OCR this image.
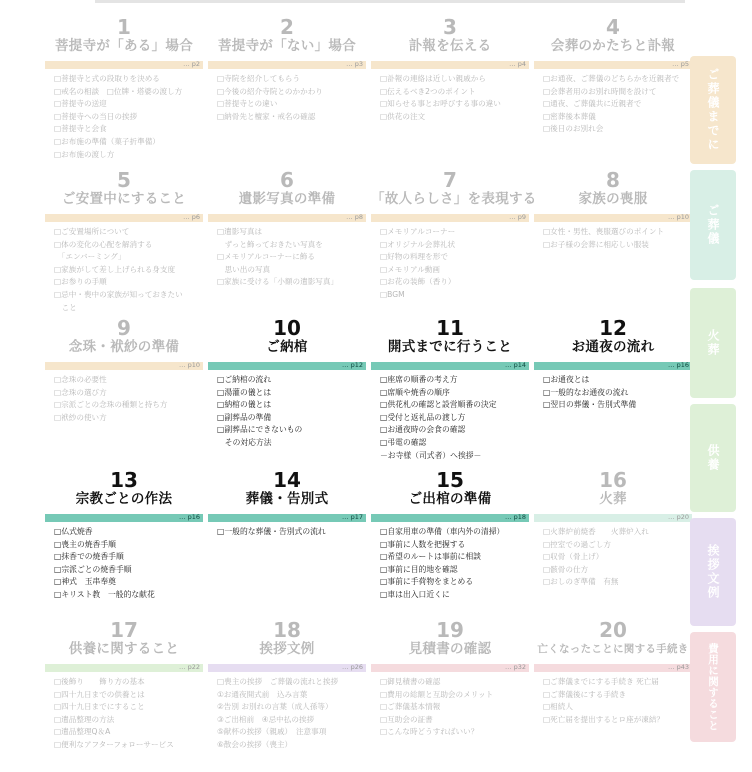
1
菩提寺が「ある」場合
… p2
□菩提寺と式の段取りを決める
□戒名の相談　□位牌・塔婆の渡し方
□菩提寺の送迎
□菩提寺への当日の挨拶
□菩提寺と会食
□お布施の準備（菓子折準備）
□お布施の渡し方
2
菩提寺が「ない」場合
… p3
□寺院を紹介してもらう
□今後の紹介寺院とのかかわり
□菩提寺との違い
□納骨先と檀家・戒名の確認
3
訃報を伝える
… p4
□訃報の連絡は近しい親戚から
□伝えるべき2つのポイント
□知らせる事とお呼びする事の違い
□供花の注文
4
会葬のかたちと訃報
… p5
□お通夜、ご葬儀のどちらかを近親者で
□会葬者用のお別れ時間を設けて
□通夜、ご葬儀共に近親者で
□密葬後本葬儀
□後日のお別れ会
5
ご安置中にすること
… p6
□ご安置場所について
□体の変化の心配を解消する
　「エンバーミング」
□家族がして差し上げられる身支度
□お参りの手順
□忌中・喪中の家族が知っておきたい
　こと
6
遺影写真の準備
… p8
□遺影写真は
　ずっと飾っておきたい写真を
□メモリアルコーナーに飾る
　思い出の写真
□家族に受ける「小額の遺影写真」
7
「故人らしさ」を表現する
… p9
□メモリアルコーナー
□オリジナル会葬礼状
□好物の料理を形で
□メモリアル動画
□お花の装飾（香り）
□BGM
8
家族の喪服
… p10
□女性・男性、喪服選びのポイント
□お子様の会葬に相応しい服装
9
念珠・袱紗の準備
… p10
□念珠の必要性
□念珠の選び方
□宗派ごとの念珠の種類と持ち方
□袱紗の使い方
10
ご納棺
… p12
□ご納棺の流れ
□湯灌の儀とは
□納棺の儀とは
□副葬品の準備
□副葬品にできないもの
　その対応方法
11
開式までに行うこと
… p14
□座席の順番の考え方
□席順や焼香の順序
□供花札の確認と設営順番の決定
□受付と返礼品の渡し方
□お通夜時の会食の確認
□弔電の確認
－お寺様（司式者）へ挨拶－
12
お通夜の流れ
… p16
□お通夜とは
□一般的なお通夜の流れ
□翌日の葬儀・告別式準備
13
宗教ごとの作法
… p16
□仏式焼香
□喪主の焼香手順
□抹香での焼香手順
□宗派ごとの焼香手順
□神式　玉串奉奠
□キリスト教　一般的な献花
14
葬儀・告別式
… p17
□一般的な葬儀・告別式の流れ
15
ご出棺の準備
… p18
□自家用車の準備（車内外の清掃）
□事前に人数を把握する
□希望のルートは事前に相談
□事前に目的地を確認
□事前に手荷物をまとめる
□車は出入口近くに
16
火葬
… p20
□火葬炉前焼香　　火葬炉入れ
□控室での過ごし方
□収骨（骨上げ）
□骸骨の仕方
□おしのぎ準備　有無
17
供養に関すること
… p22
□後飾り　　飾り方の基本
□四十九日までの供養とは
□四十九日までにすること
□遺品整理の方法
□遺品整理Q＆A
□便利なアフターフォローサービス
18
挨拶文例
… p26
□喪主の挨拶　ご葬儀の流れと挨拶
①お通夜開式前　込み言葉
②告別 お別れの言葉（成人孫等）
③ご出棺前　④忌中払の挨拶
⑤献杯の挨拶（親戚）　注意事項
⑥散会の挨拶（喪主）
19
見積書の確認
… p32
□御見積書の確認
□費用の総額と互助会のメリット
□ご葬儀基本情報
□互助会の証書
□こんな時どうすればいい？
20
亡くなったことに関する手続き
… p43
□ご葬儀までにする手続き 死亡届
□ご葬儀後にする手続き
□相続人
□死亡届を提出するとロ座が凍結？
ご葬儀までに
ご葬儀
火葬
供養
挨拶文例
費用に関すること
